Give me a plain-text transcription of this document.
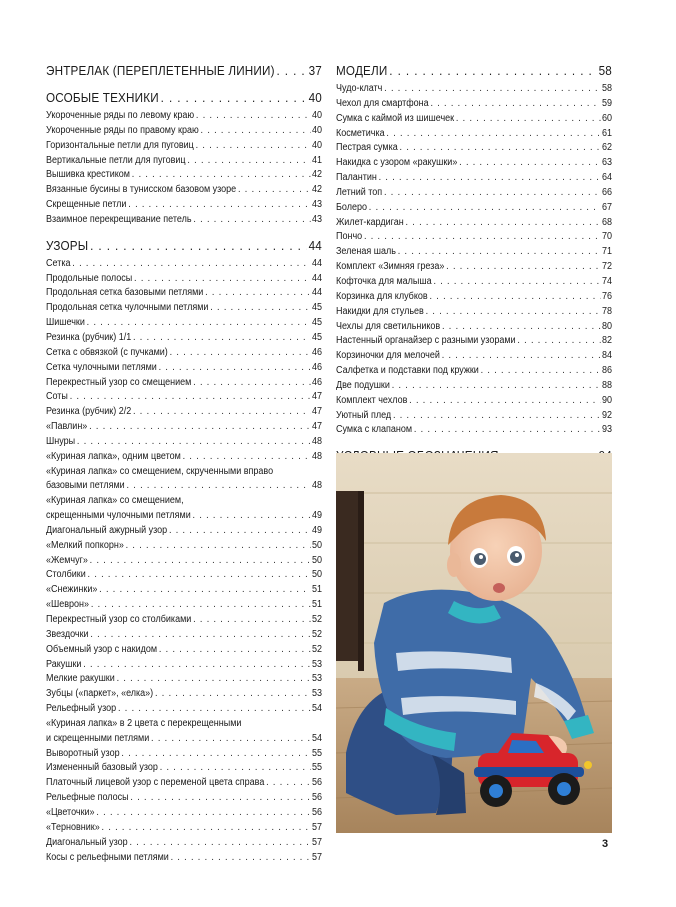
ЭНТРЕЛАК (ПЕРЕПЛЕТЕННЫЕ ЛИНИИ) . . .	37
ОСОБЫЕ ТЕХНИКИ . . .	40
Укороченные ряды по левому краю . . .	40
Укороченные ряды по правому краю . . .	40
Горизонтальные петли для пуговиц . . .	40
Вертикальные петли для пуговиц . . .	41
Вышивка крестиком . . .	42
Вязанные бусины в тунисском базовом узоре . . .	42
Скрещенные петли . . .	43
Взаимное перекрещивание петель . . .	43
УЗОРЫ . . .	44
Сетка . . .	44
Продольные полосы . . .	44
Продольная сетка базовыми петлями . . .	44
Продольная сетка чулочными петлями . . .	45
Шишечки . . .	45
Резинка (рубчик) 1/1 . . .	45
Сетка с обвязкой (с пучками) . . .	46
Сетка чулочными петлями . . .	46
Перекрестный узор со смещением . . .	46
Соты . . .	47
Резинка (рубчик) 2/2 . . .	47
«Павлин» . . .	47
Шнуры . . .	48
«Куриная лапка», одним цветом . . .	48
«Куриная лапка» со смещением, скрученными вправо
базовыми петлями . . .	48
«Куриная лапка» со смещением,
скрещенными чулочными петлями . . .	49
Диагональный ажурный узор . . .	49
«Мелкий попкорн» . . .	50
«Жемчуг» . . .	50
Столбики . . .	50
«Снежинки» . . .	51
«Шеврон» . . .	51
Перекрестный узор со столбиками . . .	52
Звездочки . . .	52
Объемный узор с накидом . . .	52
Ракушки . . .	53
Мелкие ракушки . . .	53
Зубцы («паркет», «елка») . . .	53
Рельефный узор . . .	54
«Куриная лапка» в 2 цвета с перекрещенными
и скрещенными петлями . . .	54
Выворотный узор . . .	55
Измененный базовый узор . . .	55
Платочный лицевой узор с переменой цвета справа . . .	56
Рельефные полосы . . .	56
«Цветочки» . . .	56
«Терновник» . . .	57
Диагональный узор . . .	57
Косы с рельефными петлями . . .	57
МОДЕЛИ . . .	58
Чудо-клатч . . .	58
Чехол для смартфона . . .	59
Сумка с каймой из шишечек . . .	60
Косметичка . . .	61
Пестрая сумка . . .	62
Накидка с узором «ракушки» . . .	63
Палантин . . .	64
Летний топ . . .	66
Болеро . . .	67
Жилет-кардиган . . .	68
Пончо . . .	70
Зеленая шаль . . .	71
Комплект «Зимняя греза» . . .	72
Кофточка для малыша . . .	74
Корзинка для клубков . . .	76
Накидки для стульев . . .	78
Чехлы для светильников . . .	80
Настенный органайзер с разными узорами . . .	82
Корзиночки для мелочей . . .	84
Салфетка и подставки под кружки . . .	86
Две подушки . . .	88
Комплект чехлов . . .	90
Уютный плед . . .	92
Сумка с клапаном . . .	93
. . .
3
